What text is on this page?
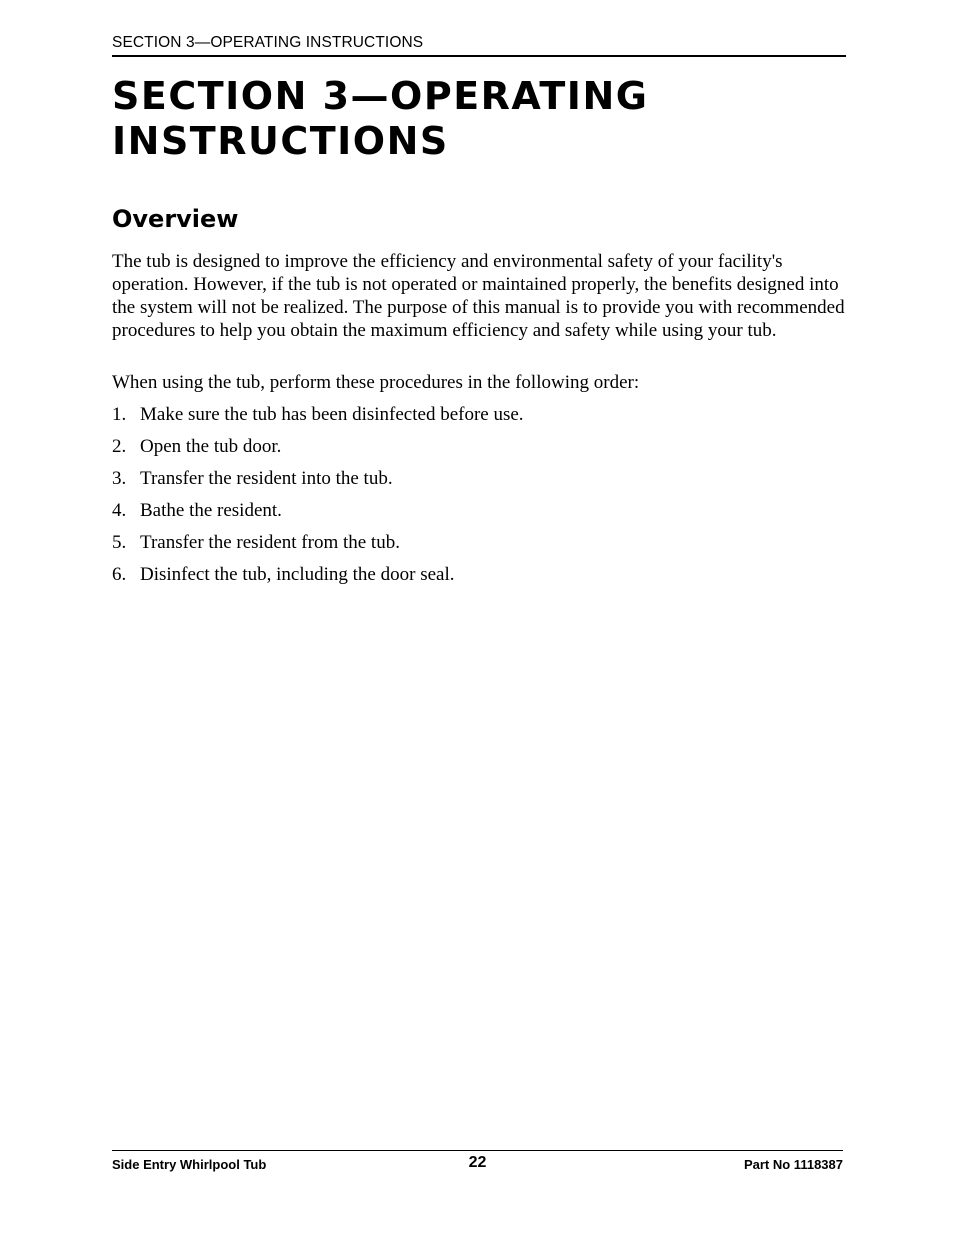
SECTION 3—OPERATING INSTRUCTIONS
SECTION 3—OPERATING INSTRUCTIONS
Overview

The tub is designed to improve the efficiency and environmental safety of your facility's operation. However, if the tub is not operated or maintained properly, the benefits designed into the system will not be realized. The purpose of this manual is to provide you with recommended procedures to help you obtain the maximum efficiency and safety while using your tub.

When using the tub, perform these procedures in the following order:

1. Make sure the tub has been disinfected before use.
2. Open the tub door.
3. Transfer the resident into the tub.
4. Bathe the resident.
5. Transfer the resident from the tub.
6. Disinfect the tub, including the door seal.
Side Entry Whirlpool Tub	22	Part No 1118387
